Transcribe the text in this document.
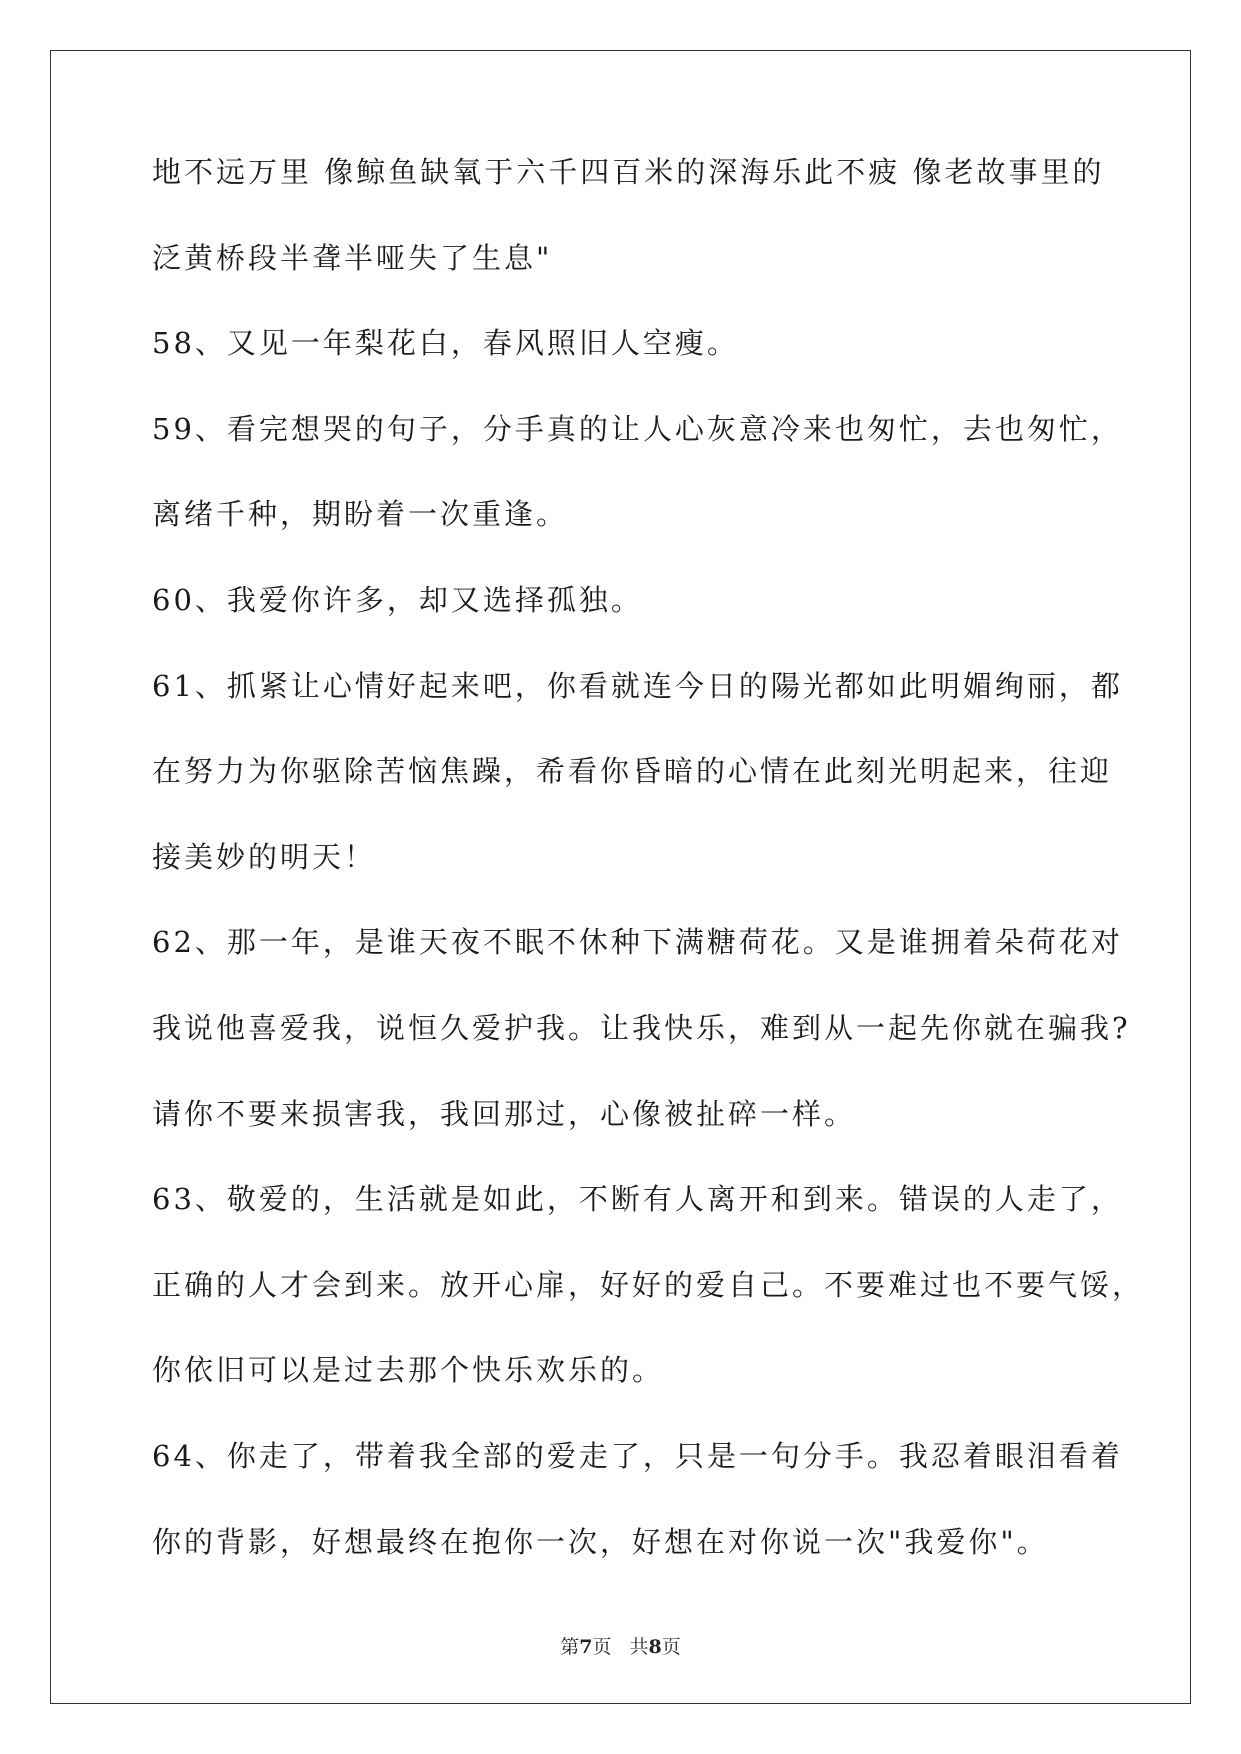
地不远万里 像鲸鱼缺氧于六千四百米的深海乐此不疲 像老故事里的
泛黄桥段半聋半哑失了生息"
58、又见一年梨花白，春风照旧人空瘦。
59、看完想哭的句子，分手真的让人心灰意冷来也匆忙，去也匆忙，
离绪千种，期盼着一次重逢。
60、我爱你许多，却又选择孤独。
61、抓紧让心情好起来吧，你看就连今日的陽光都如此明媚绚丽，都
在努力为你驱除苦恼焦躁，希看你昏暗的心情在此刻光明起来，往迎
接美妙的明天！
62、那一年，是谁天夜不眠不休种下满糖荷花。又是谁拥着朵荷花对
我说他喜爱我，说恒久爱护我。让我快乐，难到从一起先你就在骗我?
请你不要来损害我，我回那过，心像被扯碎一样。
63、敬爱的，生活就是如此，不断有人离开和到来。错误的人走了，
正确的人才会到来。放开心扉，好好的爱自己。不要难过也不要气馁，
你依旧可以是过去那个快乐欢乐的。
64、你走了，带着我全部的爱走了，只是一句分手。我忍着眼泪看着
你的背影，好想最终在抱你一次，好想在对你说一次"我爱你"。
第7页 共8页
